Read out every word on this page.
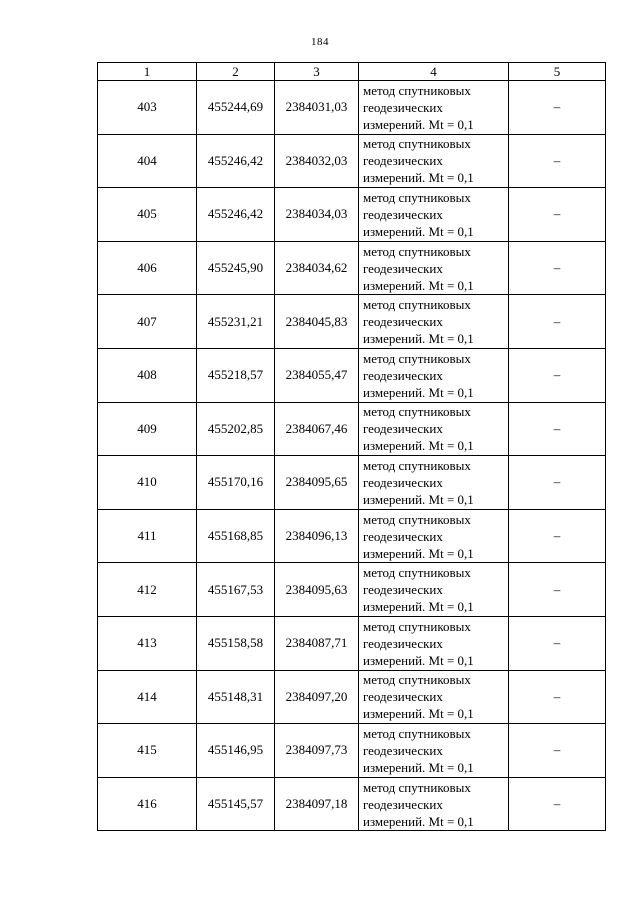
184
1	2	3	4	5
403	455244,69	2384031,03	метод спутниковых
геодезических
измерений. Mt = 0,1	–
404	455246,42	2384032,03	метод спутниковых
геодезических
измерений. Mt = 0,1	–
405	455246,42	2384034,03	метод спутниковых
геодезических
измерений. Mt = 0,1	–
406	455245,90	2384034,62	метод спутниковых
геодезических
измерений. Mt = 0,1	–
407	455231,21	2384045,83	метод спутниковых
геодезических
измерений. Mt = 0,1	–
408	455218,57	2384055,47	метод спутниковых
геодезических
измерений. Mt = 0,1	–
409	455202,85	2384067,46	метод спутниковых
геодезических
измерений. Mt = 0,1	–
410	455170,16	2384095,65	метод спутниковых
геодезических
измерений. Mt = 0,1	–
411	455168,85	2384096,13	метод спутниковых
геодезических
измерений. Mt = 0,1	–
412	455167,53	2384095,63	метод спутниковых
геодезических
измерений. Mt = 0,1	–
413	455158,58	2384087,71	метод спутниковых
геодезических
измерений. Mt = 0,1	–
414	455148,31	2384097,20	метод спутниковых
геодезических
измерений. Mt = 0,1	–
415	455146,95	2384097,73	метод спутниковых
геодезических
измерений. Mt = 0,1	–
416	455145,57	2384097,18	метод спутниковых
геодезических
измерений. Mt = 0,1	–
